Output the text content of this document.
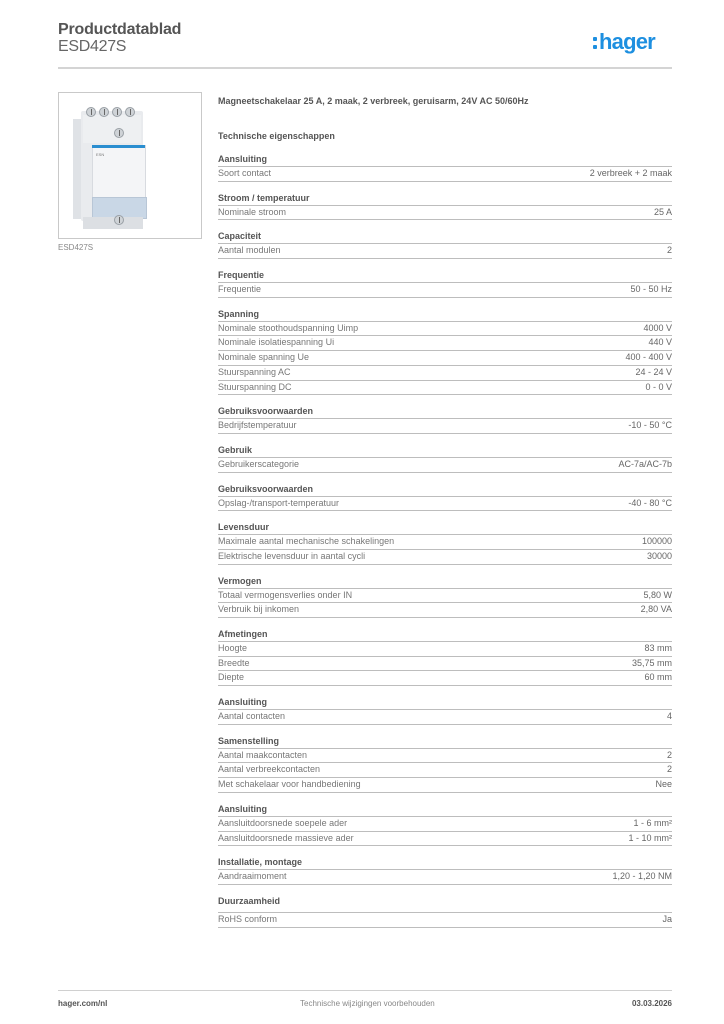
Productdatablad
ESD427S	hager
ESN
ESD427S
Magneetschakelaar 25 A, 2 maak, 2 verbreek, geruisarm, 24V AC 50/60Hz
Technische eigenschappen
Aansluiting
Soort contact	2 verbreek + 2 maak
Stroom / temperatuur
Nominale stroom	25 A
Capaciteit
Aantal modulen	2
Frequentie
Frequentie	50 - 50 Hz
Spanning
Nominale stoothoudspanning Uimp	4000 V
Nominale isolatiespanning Ui	440 V
Nominale spanning Ue	400 - 400 V
Stuurspanning AC	24 - 24 V
Stuurspanning DC	0 - 0 V
Gebruiksvoorwaarden
Bedrijfstemperatuur	-10 - 50 °C
Gebruik
Gebruikerscategorie	AC-7a/AC-7b
Gebruiksvoorwaarden
Opslag-/transport-temperatuur	-40 - 80 °C
Levensduur
Maximale aantal mechanische schakelingen	100000
Elektrische levensduur in aantal cycli	30000
Vermogen
Totaal vermogensverlies onder IN	5,80 W
Verbruik bij inkomen	2,80 VA
Afmetingen
Hoogte	83 mm
Breedte	35,75 mm
Diepte	60 mm
Aansluiting
Aantal contacten	4
Samenstelling
Aantal maakcontacten	2
Aantal verbreekcontacten	2
Met schakelaar voor handbediening	Nee
Aansluiting
Aansluitdoorsnede soepele ader	1 - 6 mm²
Aansluitdoorsnede massieve ader	1 - 10 mm²
Installatie, montage
Aandraaimoment	1,20 - 1,20 NM
Duurzaamheid
RoHS conform	Ja
hager.com/nl	Technische wijzigingen voorbehouden	03.03.2026
